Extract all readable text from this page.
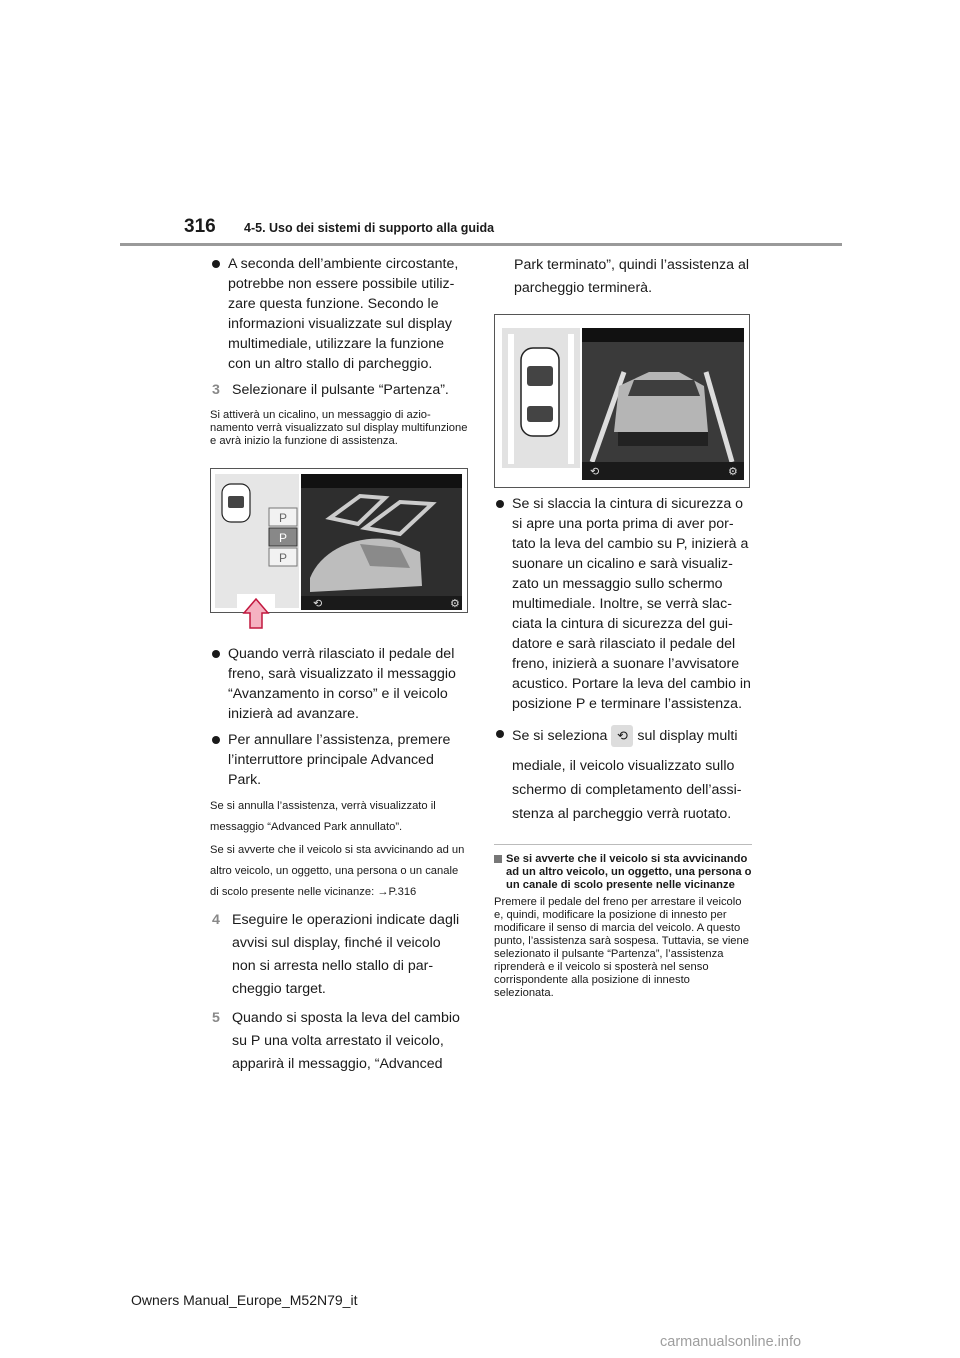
316 4-5. Uso dei sistemi di supporto alla guida
A seconda dell’ambiente circostante, potrebbe non essere possibile utilizzare questa funzione. Secondo le informazioni visualizzate sul display multimediale, utilizzare la funzione con un altro stallo di parcheggio.
3 Selezionare il pulsante “Partenza”.
Si attiverà un cicalino, un messaggio di azionamento verrà visualizzato sul display multifunzione e avrà inizio la funzione di assistenza.
P
P
P
⟲	⚙
Quando verrà rilasciato il pedale del freno, sarà visualizzato il messaggio “Avanzamento in corso” e il veicolo inizierà ad avanzare.
Per annullare l’assistenza, premere l’interruttore principale Advanced Park.
Se si annulla l’assistenza, verrà visualizzato il messaggio “Advanced Park annullato”.
Se si avverte che il veicolo si sta avvicinando ad un altro veicolo, un oggetto, una persona o un canale di scolo presente nelle vicinanze: →P.316
4 Eseguire le operazioni indicate dagli avvisi sul display, finché il veicolo non si arresta nello stallo di parcheggio target.
5 Quando si sposta la leva del cambio su P una volta arrestato il veicolo, apparirà il messaggio, “Advanced
Park terminato”, quindi l’assistenza al parcheggio terminerà.
⟲	⚙
Se si slaccia la cintura di sicurezza o si apre una porta prima di aver portato la leva del cambio su P, inizierà a suonare un cicalino e sarà visualizzato un messaggio sullo schermo multimediale. Inoltre, se verrà slacciata la cintura di sicurezza del guidatore e sarà rilasciato il pedale del freno, inizierà a suonare l’avvisatore acustico. Portare la leva del cambio in posizione P e terminare l’assistenza.
Se si seleziona ⟲ sul display multi
mediale, il veicolo visualizzato sullo schermo di completamento dell’assistenza al parcheggio verrà ruotato.
Se si avverte che il veicolo si sta avvicinando ad un altro veicolo, un oggetto, una persona o un canale di scolo presente nelle vicinanze
Premere il pedale del freno per arrestare il veicolo e, quindi, modificare la posizione di innesto per modificare il senso di marcia del veicolo. A questo punto, l’assistenza sarà sospesa. Tuttavia, se viene selezionato il pulsante “Partenza”, l’assistenza riprenderà e il veicolo si sposterà nel senso corrispondente alla posizione di innesto selezionata.
Owners Manual_Europe_M52N79_it
carmanualsonline.info
